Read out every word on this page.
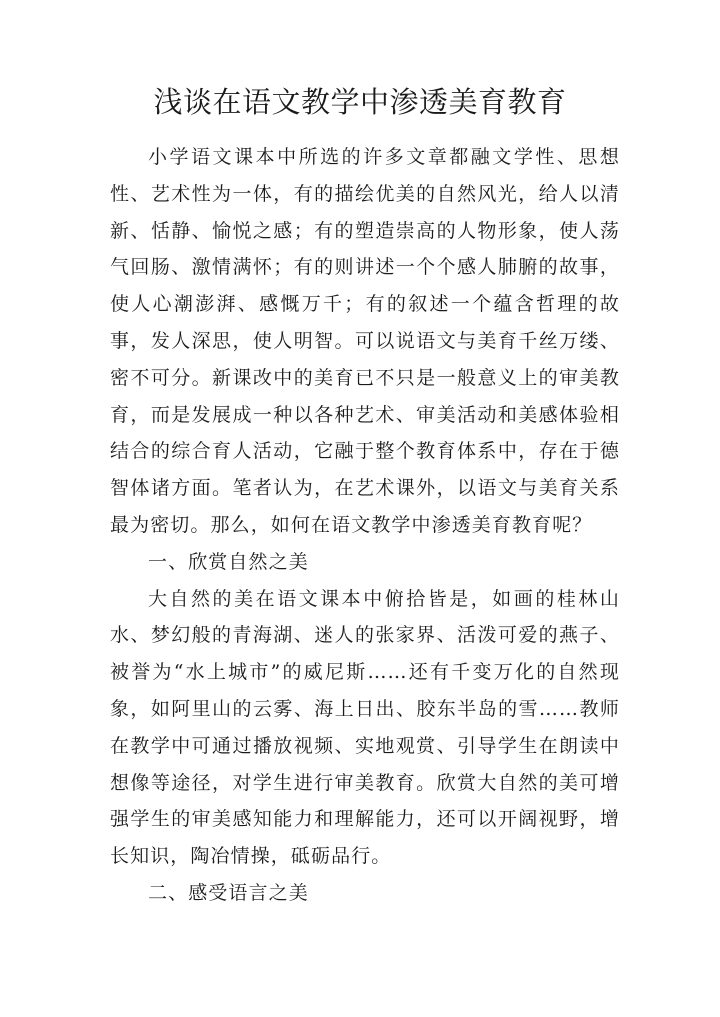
浅谈在语文教学中渗透美育教育

小学语文课本中所选的许多文章都融文学性、思想性、艺术性为一体，有的描绘优美的自然风光，给人以清新、恬静、愉悦之感；有的塑造崇高的人物形象，使人荡气回肠、激情满怀；有的则讲述一个个感人肺腑的故事，使人心潮澎湃、感慨万千；有的叙述一个蕴含哲理的故事，发人深思，使人明智。可以说语文与美育千丝万缕、密不可分。新课改中的美育已不只是一般意义上的审美教育，而是发展成一种以各种艺术、审美活动和美感体验相结合的综合育人活动，它融于整个教育体系中，存在于德智体诸方面。笔者认为，在艺术课外，以语文与美育关系最为密切。那么，如何在语文教学中渗透美育教育呢？

一、欣赏自然之美

大自然的美在语文课本中俯拾皆是，如画的桂林山水、梦幻般的青海湖、迷人的张家界、活泼可爱的燕子、被誉为“水上城市”的威尼斯……还有千变万化的自然现象，如阿里山的云雾、海上日出、胶东半岛的雪……教师在教学中可通过播放视频、实地观赏、引导学生在朗读中想像等途径，对学生进行审美教育。欣赏大自然的美可增强学生的审美感知能力和理解能力，还可以开阔视野，增长知识，陶冶情操，砥砺品行。

二、感受语言之美
